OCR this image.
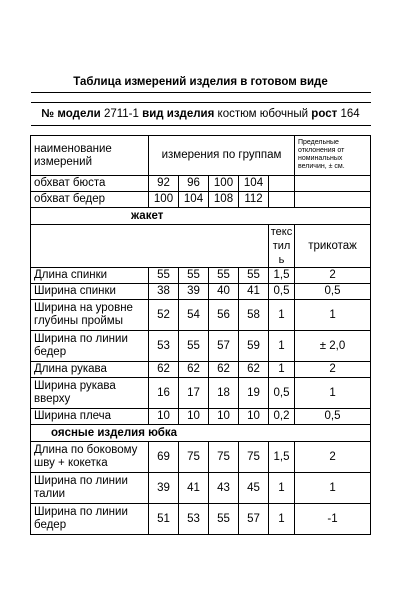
Таблица измерений изделия в готовом виде						

№ модели 2711-1 вид изделия костюм юбочный рост 164						

наименование измерений	измерения по группам					Предельные отклонения от номинальных величин, ± см.
обхват бюста	92	96	100	104		
обхват бедер	100	104	108	112		
жакет						
					текстиль	трикотаж
Длина спинки	55	55	55	55	1,5	2
Ширина спинки	38	39	40	41	0,5	0,5
Ширина на уровне глубины проймы	52	54	56	58	1	1
Ширина по линии бедер	53	55	57	59	1	± 2,0
Длина рукава	62	62	62	62	1	2
Ширина рукава вверху	16	17	18	19	0,5	1
Ширина плеча	10	10	10	10	0,2	0,5
оясные изделия юбка						
Длина по боковому шву + кокетка	69	75	75	75	1,5	2
Ширина по линии талии	39	41	43	45	1	1
Ширина по линии бедер	51	53	55	57	1	-1
